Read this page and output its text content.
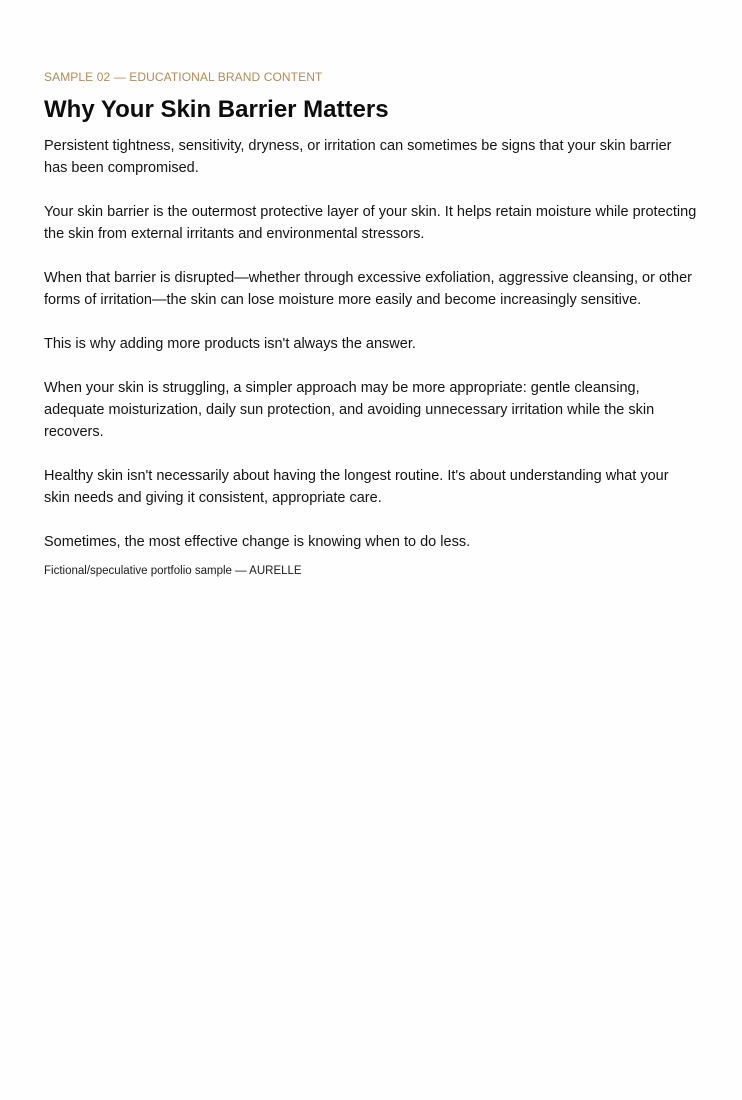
SAMPLE 02 — EDUCATIONAL BRAND CONTENT

Why Your Skin Barrier Matters

Persistent tightness, sensitivity, dryness, or irritation can sometimes be signs that your skin barrier has been compromised.

Your skin barrier is the outermost protective layer of your skin. It helps retain moisture while protecting the skin from external irritants and environmental stressors.

When that barrier is disrupted—whether through excessive exfoliation, aggressive cleansing, or other forms of irritation—the skin can lose moisture more easily and become increasingly sensitive.

This is why adding more products isn't always the answer.

When your skin is struggling, a simpler approach may be more appropriate: gentle cleansing, adequate moisturization, daily sun protection, and avoiding unnecessary irritation while the skin recovers.

Healthy skin isn't necessarily about having the longest routine. It's about understanding what your skin needs and giving it consistent, appropriate care.

Sometimes, the most effective change is knowing when to do less.

Fictional/speculative portfolio sample — AURELLE
